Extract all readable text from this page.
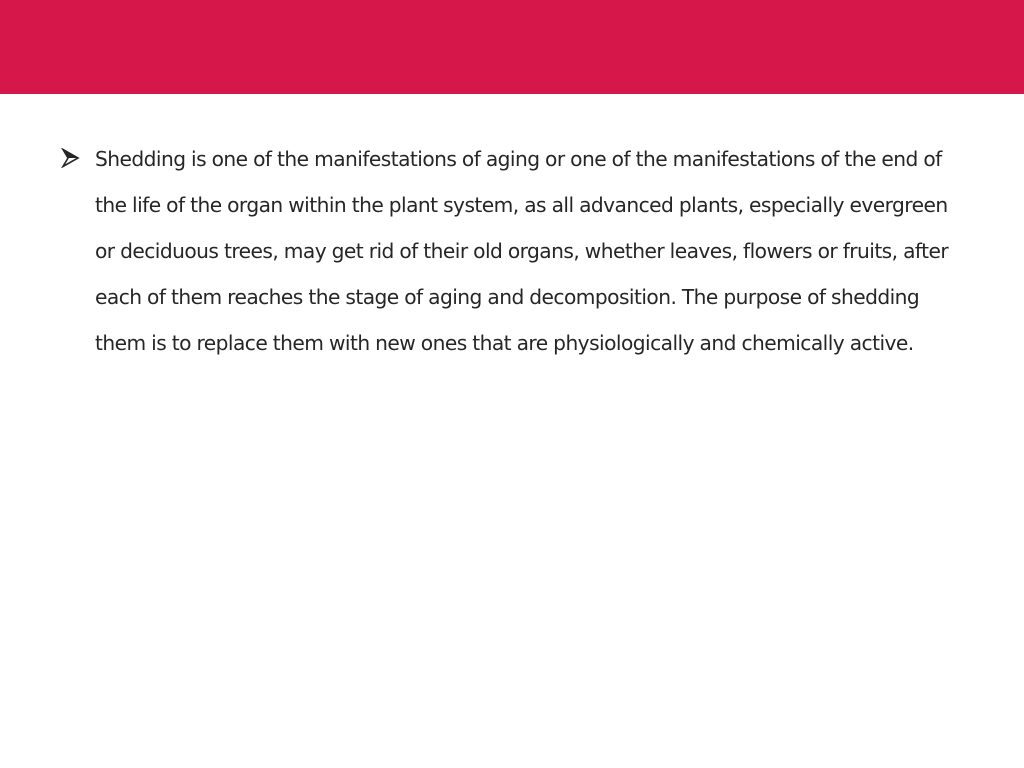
Shedding is one of the manifestations of aging or one of the manifestations of the end of the life of the organ within the plant system, as all advanced plants, especially evergreen or deciduous trees, may get rid of their old organs, whether leaves, flowers or fruits, after each of them reaches the stage of aging and decomposition. The purpose of shedding them is to replace them with new ones that are physiologically and chemically active.
